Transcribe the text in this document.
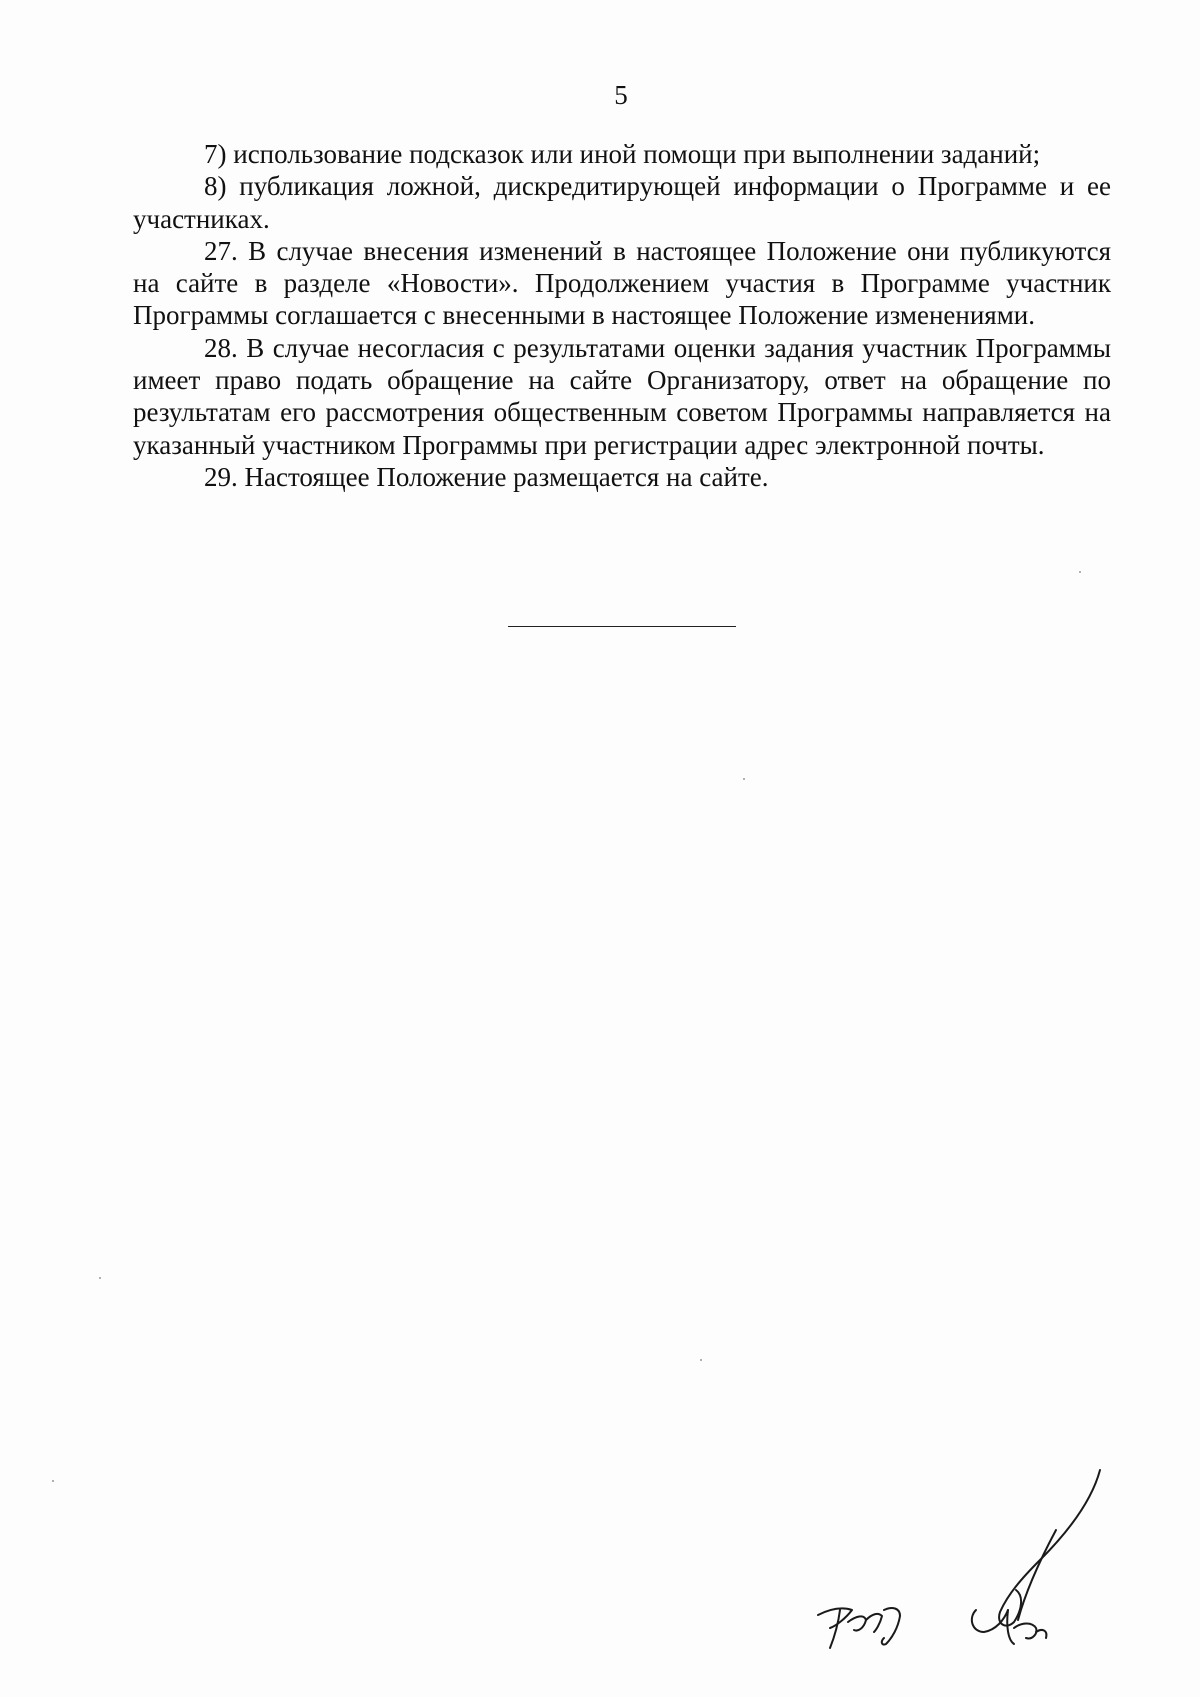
5

7) использование подсказок или иной помощи при выполнении заданий;

8) публикация ложной, дискредитирующей информации о Программе и ее участниках.

27. В случае внесения изменений в настоящее Положение они публикуются на сайте в разделе «Новости». Продолжением участия в Программе участник Программы соглашается с внесенными в настоящее Положение изменениями.

28. В случае несогласия с результатами оценки задания участник Программы имеет право подать обращение на сайте Организатору, ответ на обращение по результатам его рассмотрения общественным советом Программы направляется на указанный участником Программы при регистрации адрес электронной почты.

29. Настоящее Положение размещается на сайте.
